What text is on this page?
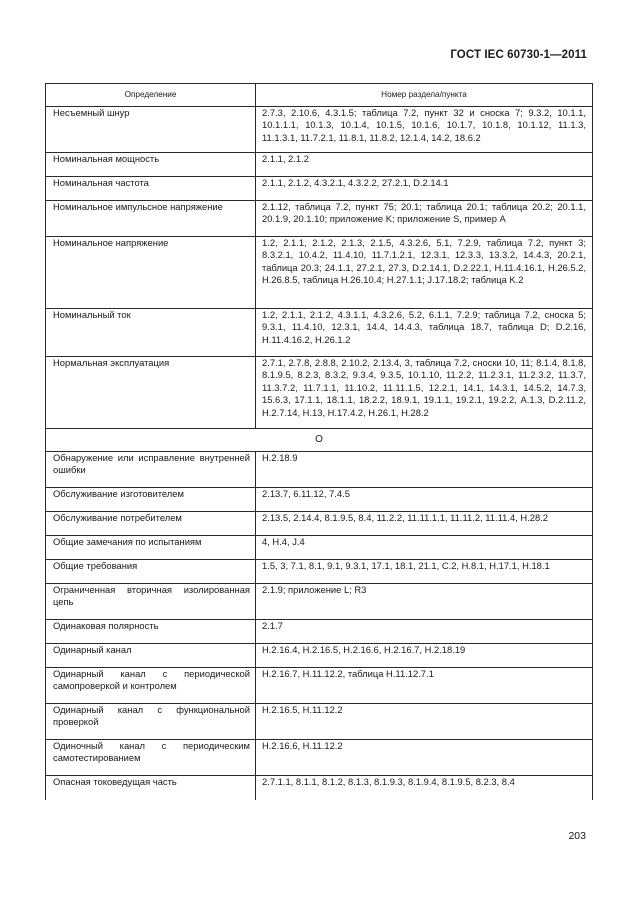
ГОСТ IEC 60730-1—2011
Определение	Номер раздела/пункта
Несъемный шнур	2.7.3, 2.10.6, 4.3.1.5; таблица 7.2, пункт 32 и сноска 7; 9.3.2, 10.1.1, 10.1.1.1, 10.1.3, 10.1.4, 10.1.5, 10.1.6, 10.1.7, 10.1.8, 10.1.12, 11.1.3, 11.1.3.1, 11.7.2.1, 11.8.1, 11.8.2, 12.1.4, 14.2, 18.6.2
Номинальная мощность	2.1.1, 2.1.2
Номинальная частота	2.1.1, 2.1.2, 4.3.2.1, 4.3.2.2, 27.2.1, D.2.14.1
Номинальное импульсное напряжение	2.1.12, таблица 7.2, пункт 75; 20.1; таблица 20.1; таблица 20.2; 20.1.1, 20.1.9, 20.1.10; приложение K; приложение S, пример A
Номинальное напряжение	1.2, 2.1.1, 2.1.2, 2.1.3, 2.1.5, 4.3.2.6, 5.1, 7.2.9, таблица 7.2, пункт 3; 8.3.2.1, 10.4.2, 11.4.10, 11.7.1.2.1, 12.3.1, 12.3.3, 13.3.2, 14.4.3, 20.2.1, таблица 20.3; 24.1.1, 27.2.1, 27.3, D.2.14.1, D.2.22.1, H.11.4.16.1, H.26.5.2, H.26.8.5, таблица H.26.10.4; H.27.1.1; J.17.18.2; таблица K.2
Номинальный ток	1.2, 2.1.1, 2.1.2, 4.3.1.1, 4.3.2.6, 5.2, 6.1.1, 7.2.9; таблица 7.2, сноска 5; 9.3.1, 11.4.10, 12.3.1, 14.4, 14.4.3, таблица 18.7, таблица D; D.2.16, H.11.4.16.2, H.26.1.2
Нормальная эксплуатация	2.7.1, 2.7.8, 2.8.8, 2.10.2, 2.13.4, 3, таблица 7.2, сноски 10, 11; 8.1.4, 8.1.8, 8.1.9.5, 8.2.3, 8.3.2, 9.3.4, 9.3.5, 10.1.10, 11.2.2, 11.2.3.1, 11.2.3.2, 11.3.7, 11.3.7.2, 11.7.1.1, 11.10.2, 11.11.1.5, 12.2.1, 14.1, 14.3.1, 14.5.2, 14.7.3, 15.6.3, 17.1.1, 18.1.1, 18.2.2, 18.9.1, 19.1.1, 19.2.1, 19.2.2, A.1.3, D.2.11.2, H.2.7.14, H.13, H.17.4.2, H.26.1, H.28.2
O	
Обнаружение или исправление внутренней ошибки	H.2.18.9
Обслуживание изготовителем	2.13.7, 6.11.12, 7.4.5
Обслуживание потребителем	2.13.5, 2.14.4, 8.1.9.5, 8.4, 11.2.2, 11.11.1.1, 11.11.2, 11.11.4, H.28.2
Общие замечания по испытаниям	4, H.4, J.4
Общие требования	1.5, 3, 7.1, 8.1, 9.1, 9.3.1, 17.1, 18.1, 21.1, C.2, H.8.1, H.17.1, H.18.1
Ограниченная вторичная изолированная цепь	2.1.9; приложение L; R3
Одинаковая полярность	2.1.7
Одинарный канал	H.2.16.4, H.2.16.5, H.2.16.6, H.2.16.7, H.2.18.19
Одинарный канал с периодической самопроверкой и контролем	H.2.16.7, H.11.12.2, таблица H.11.12.7.1
Одинарный канал с функциональной проверкой	H.2.16.5, H.11.12.2
Одиночный канал с периодическим самотестированием	H.2.16.6, H.11.12.2
Опасная токоведущая часть	2.7.1.1, 8.1.1, 8.1.2, 8.1.3, 8.1.9.3, 8.1.9.4, 8.1.9.5, 8.2.3, 8.4
203
